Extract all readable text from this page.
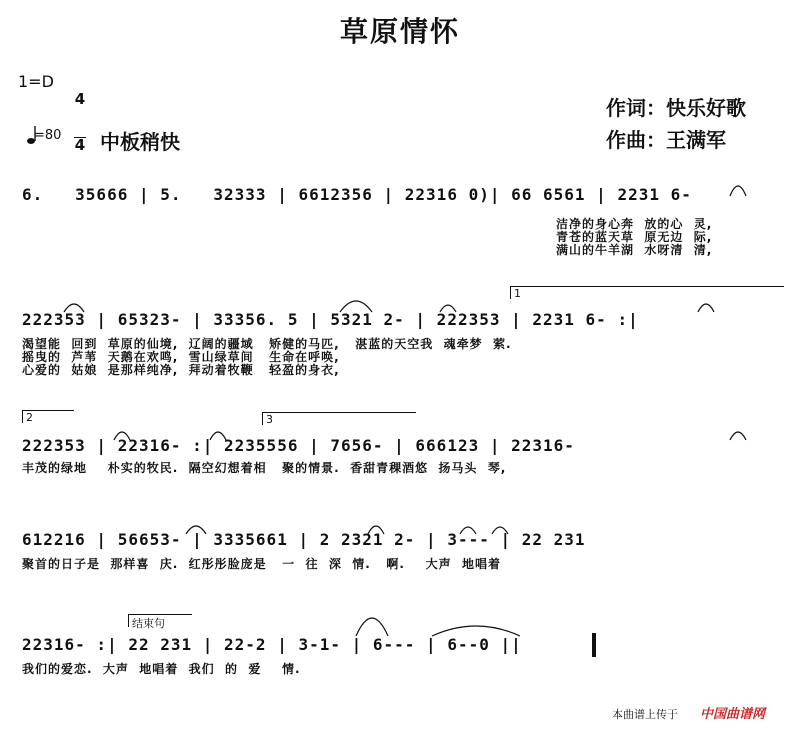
草原情怀
1=D

4

4

=80 中板稍快
作词：快乐好歌
作曲：王满军
6.   35666 | 5.   32333 | 6612356 | 22316 0)| 66 6561 | 2231 6-
洁净的身心奔  放的心  灵,
青苍的蓝天草  原无边  际,
满山的牛羊湖  水呀清  清,
222353 | 65323- | 33356. 5 | 5321 2- | 222353 | 2231 6- :|
渴望能  回到  草原的仙境,  辽阔的疆域   矫健的马匹,   湛蓝的天空我  魂牵梦  萦.
摇曳的  芦苇  天鹅在欢鸣,  雪山绿草间   生命在呼唤,
心爱的  姑娘  是那样纯净,  拜动着牧鞭   轻盈的身衣,
1
222353 | 22316- :| 2235556 | 7656- | 666123 | 22316-
丰茂的绿地    朴实的牧民.  隔空幻想着相   聚的情景.  香甜青稞酒悠  扬马头  琴,
2	3
612216 | 56653- | 3335661 | 2 2321 2- | 3--- | 22 231
聚首的日子是  那样喜  庆.  红彤彤脸庞是   一  往  深  情.   啊.    大声  地唱着
22316- :| 22 231 | 22-2 | 3-1- | 6--- | 6--0 ||
我们的爱恋.  大声  地唱着  我们  的  爱    情.
结束句
本曲谱上传于 中国曲谱网
